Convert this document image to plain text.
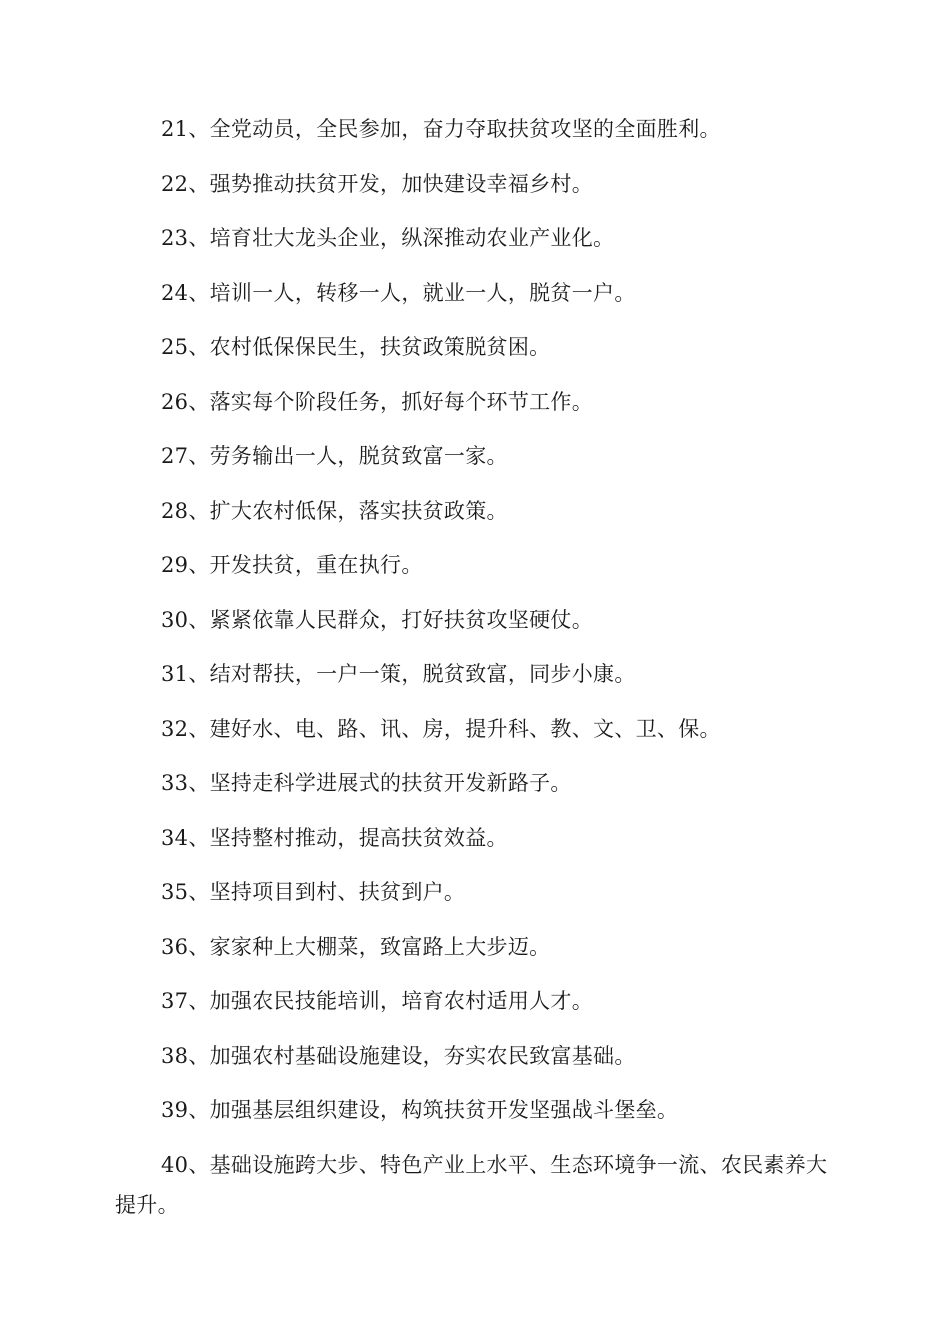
21、全党动员，全民参加，奋力夺取扶贫攻坚的全面胜利。

22、强势推动扶贫开发，加快建设幸福乡村。

23、培育壮大龙头企业，纵深推动农业产业化。

24、培训一人，转移一人，就业一人，脱贫一户。

25、农村低保保民生，扶贫政策脱贫困。

26、落实每个阶段任务，抓好每个环节工作。

27、劳务输出一人，脱贫致富一家。

28、扩大农村低保，落实扶贫政策。

29、开发扶贫，重在执行。

30、紧紧依靠人民群众，打好扶贫攻坚硬仗。

31、结对帮扶，一户一策，脱贫致富，同步小康。

32、建好水、电、路、讯、房，提升科、教、文、卫、保。

33、坚持走科学进展式的扶贫开发新路子。

34、坚持整村推动，提高扶贫效益。

35、坚持项目到村、扶贫到户。

36、家家种上大棚菜，致富路上大步迈。

37、加强农民技能培训，培育农村适用人才。

38、加强农村基础设施建设，夯实农民致富基础。

39、加强基层组织建设，构筑扶贫开发坚强战斗堡垒。

40、基础设施跨大步、特色产业上水平、生态环境争一流、农民素养大提升。
